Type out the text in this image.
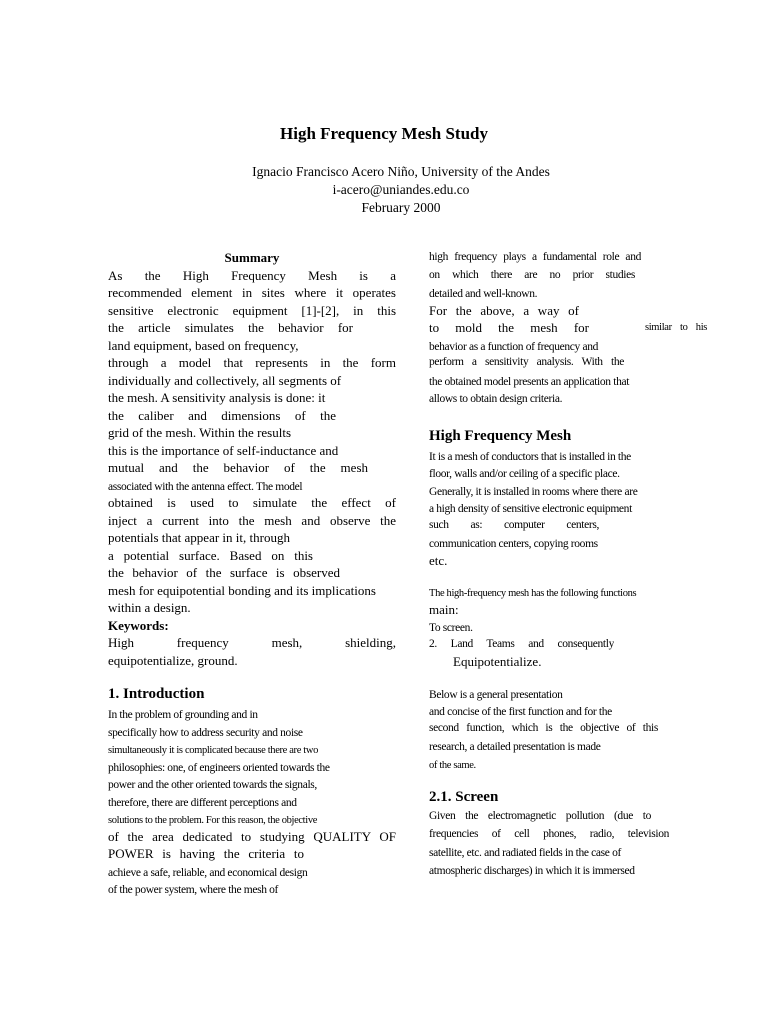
High Frequency Mesh Study
Ignacio Francisco Acero Niño, University of the Andes
i-acero@uniandes.edu.co
February 2000
Summary
As the High Frequency Mesh is a
recommended element in sites where it operates
sensitive electronic equipment [1]-[2], in this
the article simulates the behavior for
land equipment, based on frequency,
through a model that represents in the form
individually and collectively, all segments of
the mesh. A sensitivity analysis is done: it
the caliber and dimensions of the
grid of the mesh. Within the results
this is the importance of self-inductance and
mutual and the behavior of the mesh
associated with the antenna effect. The model
obtained is used to simulate the effect of
inject a current into the mesh and observe the
potentials that appear in it, through
a potential surface. Based on this
the behavior of the surface is observed
mesh for equipotential bonding and its implications
within a design.
Keywords:
High frequency mesh, shielding,
equipotentialize, ground.
1. Introduction
In the problem of grounding and in
specifically how to address security and noise
simultaneously it is complicated because there are two
philosophies: one, of engineers oriented towards the
power and the other oriented towards the signals,
therefore, there are different perceptions and
solutions to the problem. For this reason, the objective
of the area dedicated to studying QUALITY OF
POWER is having the criteria to
achieve a safe, reliable, and economical design
of the power system, where the mesh of
high frequency plays a fundamental role and
on which there are no prior studies
detailed and well-known.
For the above, a way of
to mold the mesh for	similar to his
behavior as a function of frequency and
perform a sensitivity analysis. With the
the obtained model presents an application that
allows to obtain design criteria.
High Frequency Mesh
It is a mesh of conductors that is installed in the
floor, walls and/or ceiling of a specific place.
Generally, it is installed in rooms where there are
a high density of sensitive electronic equipment
such as: computer centers,
communication centers, copying rooms
etc.
The high-frequency mesh has the following functions
main:
To screen.
2. Land Teams and consequently
Equipotentialize.
Below is a general presentation
and concise of the first function and for the
second function, which is the objective of this
research, a detailed presentation is made
of the same.
2.1. Screen
Given the electromagnetic pollution (due to
frequencies of cell phones, radio, television
satellite, etc. and radiated fields in the case of
atmospheric discharges) in which it is immersed
